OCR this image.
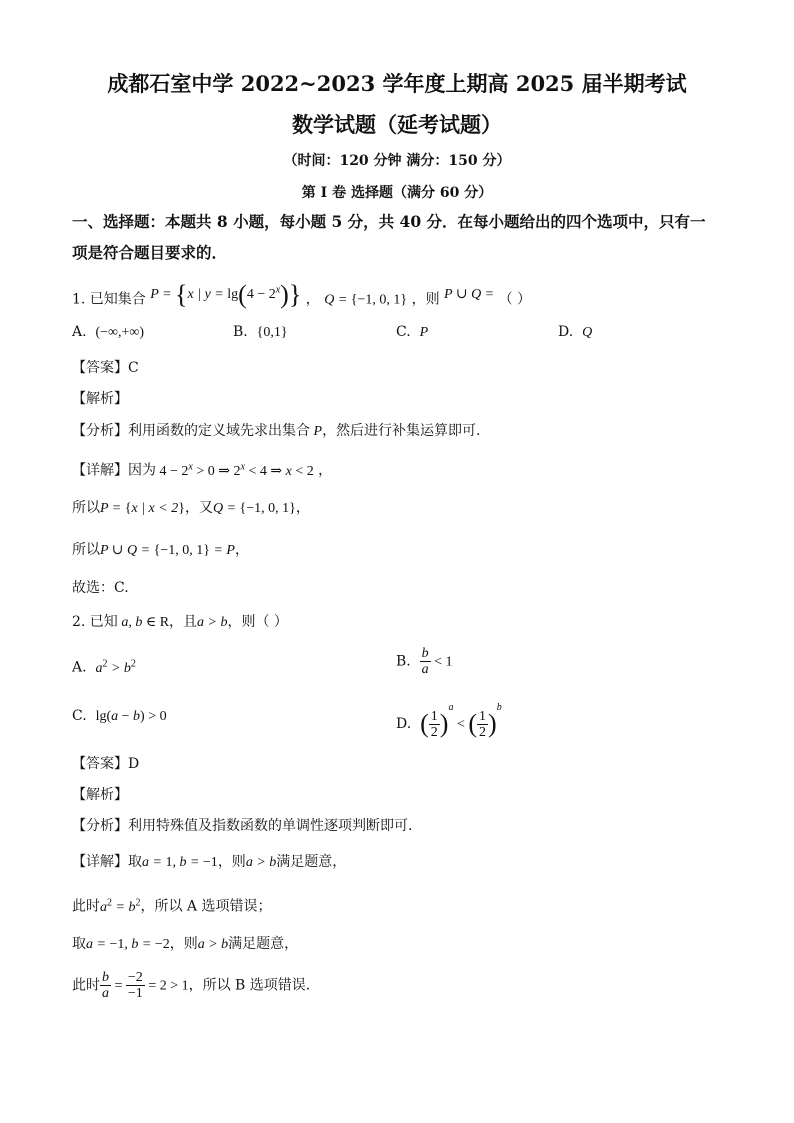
成都石室中学 2022~2023 学年度上期高 2025 届半期考试
数学试题（延考试题）
（时间：120 分钟 满分：150 分）
第 I 卷 选择题（满分 60 分）
一、选择题：本题共 8 小题，每小题 5 分，共 40 分．在每小题给出的四个选项中，只有一
项是符合题目要求的．
1. 已知集合 P = {x | $y = \lg(4 - 2^x)$} ， Q = {−1, 0, 1} ，则 P ∪ Q = （ ）
A. (−∞,+∞)	B. {0,1}	C. P	D. Q
【答案】C
【解析】
【分析】利用函数的定义域先求出集合 P，然后进行补集运算即可.
【详解】因为 $4 - 2^x > 0$ ⇒ $2^x < 4$ ⇒ x < 2 ，
所以P = {x | x < 2}，又Q = {−1, 0, 1}，
所以P ∪ Q = {−1, 0, 1} = P，
故选：C.
2. 已知 a, b ∈ R，且a > b，则（ ）
A. $a^2 > b^2$	B. $\frac{b}{a} < 1$
C. lg(a − b) > 0	D. ( $\frac{1}{2} )^a$ < ( $\frac{1}{2} )^b$
【答案】D
【解析】
【分析】利用特殊值及指数函数的单调性逐项判断即可.
【详解】取a = 1, b = −1，则a > b满足题意，
此时$a^2 = b^2$，所以 A 选项错误；
取a = −1, b = −2，则a > b满足题意，
此时 $\frac{b}{a} = \frac{-2}{-1} = 2 > 1$，所以 B 选项错误.
